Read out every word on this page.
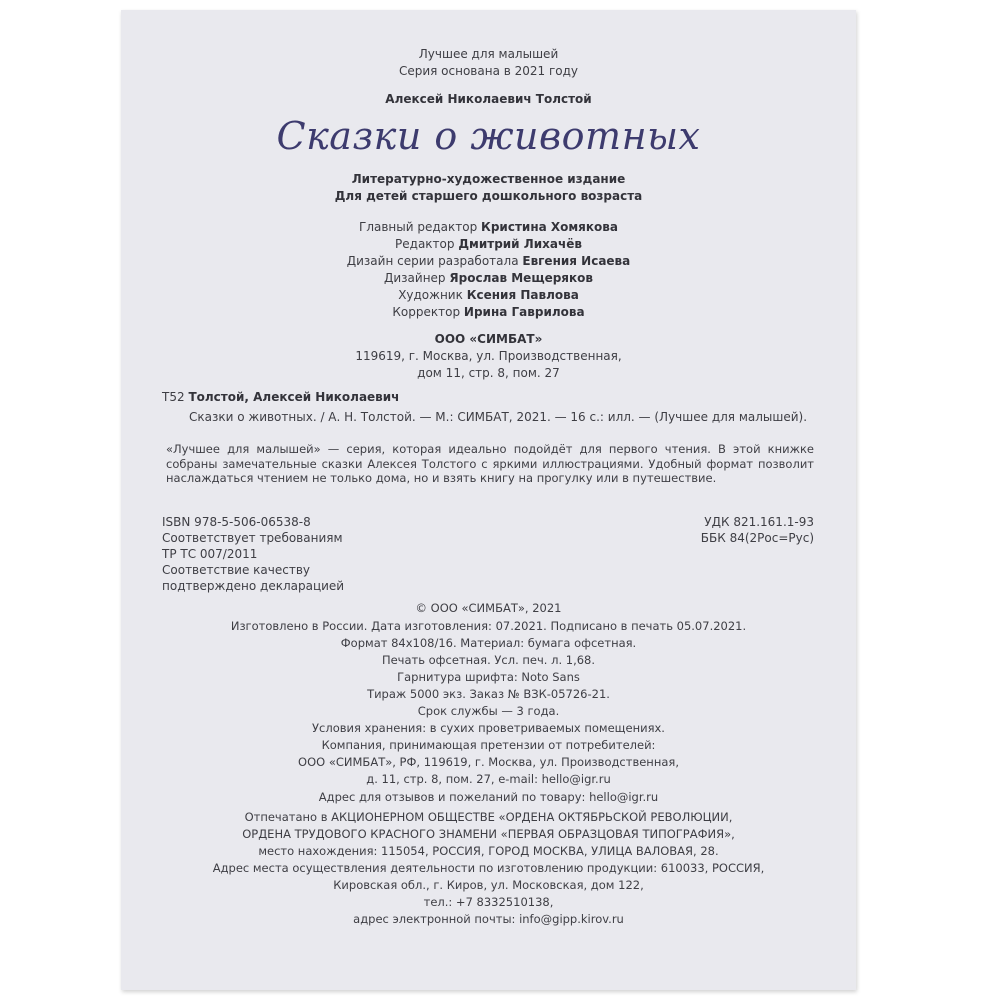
Лучшее для малышей
Серия основана в 2021 году
Алексей Николаевич Толстой
Сказки о животных
Литературно-художественное издание
Для детей старшего дошкольного возраста
Главный редактор Кристина Хомякова
Редактор Дмитрий Лихачёв
Дизайн серии разработала Евгения Исаева
Дизайнер Ярослав Мещеряков
Художник Ксения Павлова
Корректор Ирина Гаврилова
ООО «СИМБАТ»
119619, г. Москва, ул. Производственная,
дом 11, стр. 8, пом. 27
Т52 Толстой, Алексей Николаевич
Сказки о животных. / А. Н. Толстой. — М.: СИМБАТ, 2021. — 16 с.: илл. — (Лучшее для малышей).
«Лучшее для малышей» — серия, которая идеально подойдёт для первого чтения. В этой книжке собраны замечательные сказки Алексея Толстого с яркими иллюстрациями. Удобный формат позволит наслаждаться чтением не только дома, но и взять книгу на прогулку или в путешествие.
ISBN 978-5-506-06538-8
Соответствует требованиям
ТР ТС 007/2011
Соответствие качеству
подтверждено декларацией
УДК 821.161.1-93
ББК 84(2Рос=Рус)
© ООО «СИМБАТ», 2021
Изготовлено в России. Дата изготовления: 07.2021. Подписано в печать 05.07.2021.
Формат 84х108/16. Материал: бумага офсетная.
Печать офсетная. Усл. печ. л. 1,68.
Гарнитура шрифта: Noto Sans
Тираж 5000 экз. Заказ № ВЗК-05726-21.
Срок службы — 3 года.
Условия хранения: в сухих проветриваемых помещениях.
Компания, принимающая претензии от потребителей:
ООО «СИМБАТ», РФ, 119619, г. Москва, ул. Производственная,
д. 11, стр. 8, пом. 27, e-mail: hello@igr.ru
Адрес для отзывов и пожеланий по товару: hello@igr.ru
Отпечатано в АКЦИОНЕРНОМ ОБЩЕСТВЕ «ОРДЕНА ОКТЯБРЬСКОЙ РЕВОЛЮЦИИ,
ОРДЕНА ТРУДОВОГО КРАСНОГО ЗНАМЕНИ «ПЕРВАЯ ОБРАЗЦОВАЯ ТИПОГРАФИЯ»,
место нахождения: 115054, РОССИЯ, ГОРОД МОСКВА, УЛИЦА ВАЛОВАЯ, 28.
Адрес места осуществления деятельности по изготовлению продукции: 610033, РОССИЯ,
Кировская обл., г. Киров, ул. Московская, дом 122,
тел.: +7 8332510138,
адрес электронной почты: info@gipp.kirov.ru
